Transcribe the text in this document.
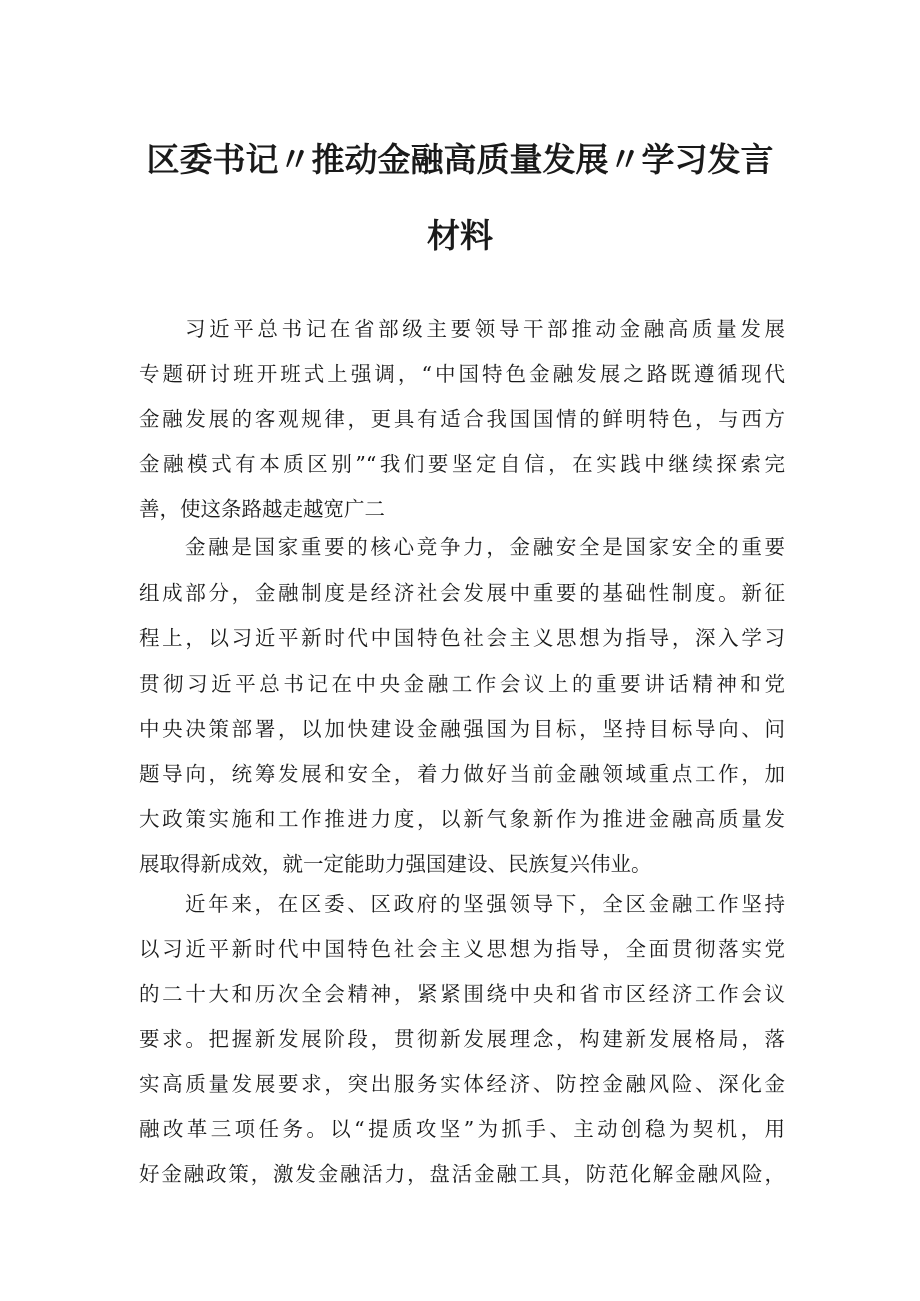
区委书记〃推动金融高质量发展〃学习发言
材料
习近平总书记在省部级主要领导干部推动金融高质量发展
专题研讨班开班式上强调，“中国特色金融发展之路既遵循现代
金融发展的客观规律，更具有适合我国国情的鲜明特色，与西方
金融模式有本质区别”“我们要坚定自信，在实践中继续探索完
善，使这条路越走越宽广二
金融是国家重要的核心竞争力，金融安全是国家安全的重要
组成部分，金融制度是经济社会发展中重要的基础性制度。新征
程上，以习近平新时代中国特色社会主义思想为指导，深入学习
贯彻习近平总书记在中央金融工作会议上的重要讲话精神和党
中央决策部署，以加快建设金融强国为目标，坚持目标导向、问
题导向，统筹发展和安全，着力做好当前金融领域重点工作，加
大政策实施和工作推进力度，以新气象新作为推进金融高质量发
展取得新成效，就一定能助力强国建设、民族复兴伟业。
近年来，在区委、区政府的坚强领导下，全区金融工作坚持
以习近平新时代中国特色社会主义思想为指导，全面贯彻落实党
的二十大和历次全会精神，紧紧围绕中央和省市区经济工作会议
要求。把握新发展阶段，贯彻新发展理念，构建新发展格局，落
实高质量发展要求，突出服务实体经济、防控金融风险、深化金
融改革三项任务。以“提质攻坚”为抓手、主动创稳为契机，用
好金融政策，激发金融活力，盘活金融工具，防范化解金融风险，
